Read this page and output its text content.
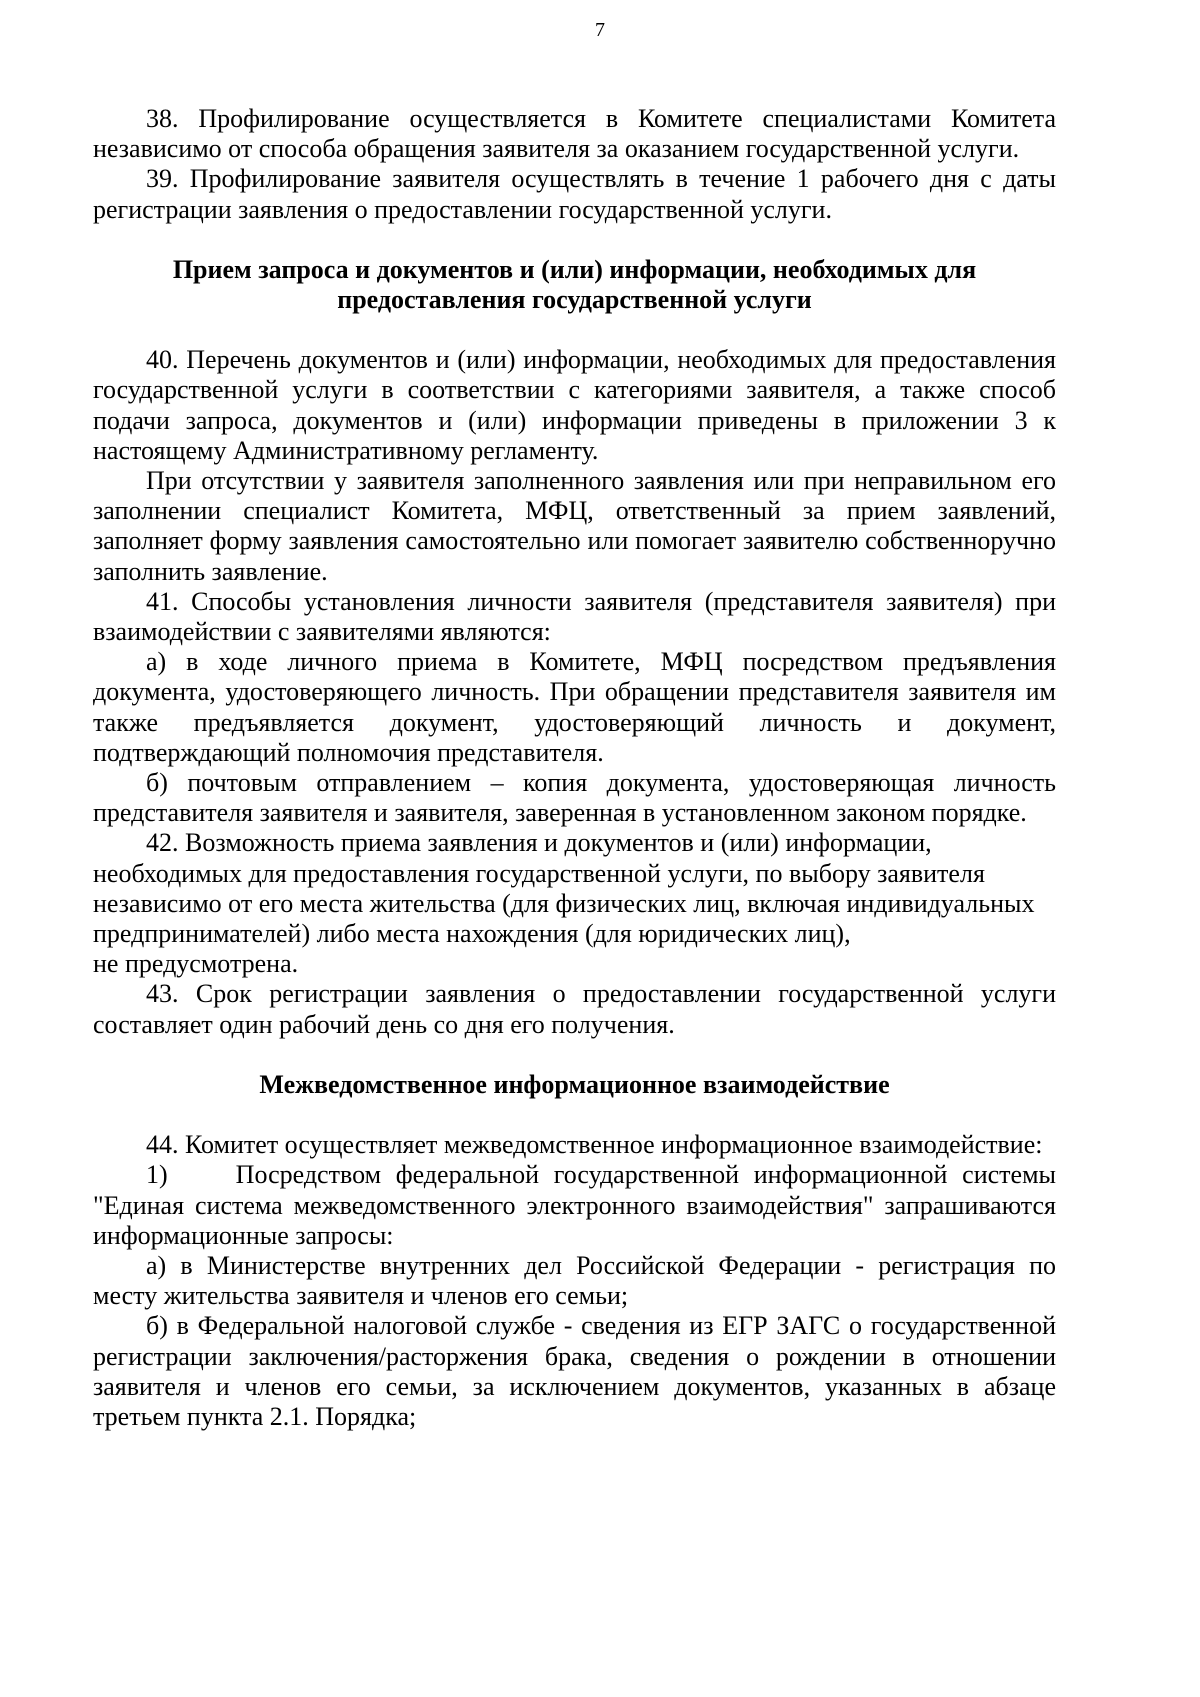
7

38. Профилирование осуществляется в Комитете специалистами Комитета независимо от способа обращения заявителя за оказанием государственной услуги.

39. Профилирование заявителя осуществлять в течение 1 рабочего дня с даты регистрации заявления о предоставлении государственной услуги.

Прием запроса и документов и (или) информации, необходимых для предоставления государственной услуги

40. Перечень документов и (или) информации, необходимых для предоставления государственной услуги в соответствии с категориями заявителя, а также способ подачи запроса, документов и (или) информации приведены в приложении 3 к настоящему Административному регламенту.

При отсутствии у заявителя заполненного заявления или при неправильном его заполнении специалист Комитета, МФЦ, ответственный за прием заявлений, заполняет форму заявления самостоятельно или помогает заявителю собственноручно заполнить заявление.

41. Способы установления личности заявителя (представителя заявителя) при взаимодействии с заявителями являются:

а) в ходе личного приема в Комитете, МФЦ посредством предъявления документа, удостоверяющего личность. При обращении представителя заявителя им также предъявляется документ, удостоверяющий личность и документ, подтверждающий полномочия представителя.

б) почтовым отправлением – копия документа, удостоверяющая личность представителя заявителя и заявителя, заверенная в установленном законом порядке.

42. Возможность приема заявления и документов и (или) информации, необходимых для предоставления государственной услуги, по выбору заявителя независимо от его места жительства (для физических лиц, включая индивидуальных предпринимателей) либо места нахождения (для юридических лиц),

не предусмотрена.

43. Срок регистрации заявления о предоставлении государственной услуги составляет один рабочий день со дня его получения.

Межведомственное информационное взаимодействие

44. Комитет осуществляет межведомственное информационное взаимодействие:

1)	Посредством федеральной государственной информационной системы "Единая система межведомственного электронного взаимодействия" запрашиваются информационные запросы:

а) в Министерстве внутренних дел Российской Федерации - регистрация по месту жительства заявителя и членов его семьи;

б) в Федеральной налоговой службе - сведения из ЕГР ЗАГС о государственной регистрации заключения/расторжения брака, сведения о рождении в отношении заявителя и членов его семьи, за исключением документов, указанных в абзаце третьем пункта 2.1. Порядка;
